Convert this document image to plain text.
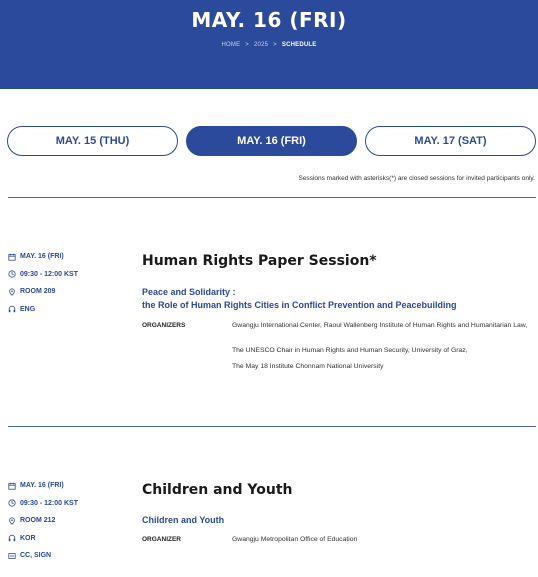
MAY. 16 (FRI)
HOME > 2025 > SCHEDULE
MAY. 15 (THU)	MAY. 16 (FRI)	MAY. 17 (SAT)
Sessions marked with asterisks(*) are closed sessions for invited participants only.
MAY. 16 (FRI)
09:30 - 12:00 KST
ROOM 209
ENG
Human Rights Paper Session*
Peace and Solidarity :
the Role of Human Rights Cities in Conflict Prevention and Peacebuilding
ORGANIZERS	Gwangju International Center, Raoul Wallenberg Institute of Human Rights and Humanitarian Law,
The UNESCO Chair in Human Rights and Human Security, University of Graz,
The May 18 Institute Chonnam National University
MAY. 16 (FRI)
09:30 - 12:00 KST
ROOM 212
KOR
CC, SIGN
Children and Youth
Children and Youth
ORGANIZER	Gwangju Metropolitan Office of Education
